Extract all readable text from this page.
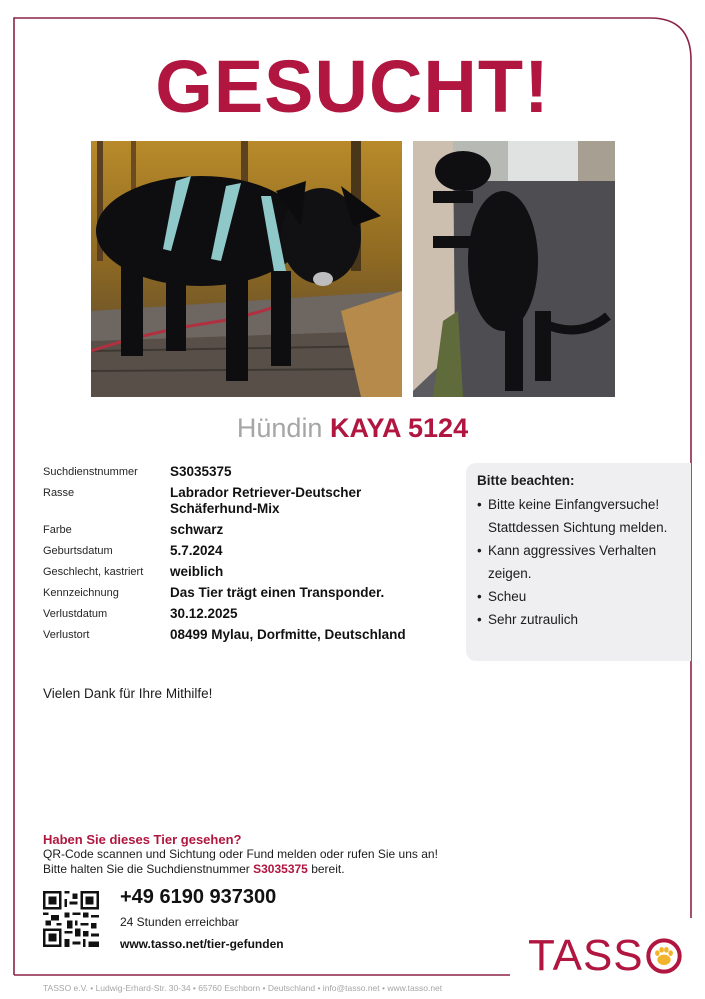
GESUCHT!
Hündin KAYA 5124
Suchdienstnummer	S3035375
Rasse	Labrador Retriever-Deutscher Schäferhund-Mix
Farbe	schwarz
Geburtsdatum	5.7.2024
Geschlecht, kastriert	weiblich
Kennzeichnung	Das Tier trägt einen Transponder.
Verlustdatum	30.12.2025
Verlustort	08499 Mylau, Dorfmitte, Deutschland
Bitte beachten:
• Bitte keine Einfangversuche! Stattdessen Sichtung melden.
• Kann aggressives Verhalten zeigen.
• Scheu
• Sehr zutraulich
Vielen Dank für Ihre Mithilfe!
Haben Sie dieses Tier gesehen?
QR-Code scannen und Sichtung oder Fund melden oder rufen Sie uns an!
Bitte halten Sie die Suchdienstnummer S3035375 bereit.
+49 6190 937300
24 Stunden erreichbar
www.tasso.net/tier-gefunden	TASS
TASSO e.V. • Ludwig-Erhard-Str. 30-34 • 65760 Eschborn • Deutschland • info@tasso.net • www.tasso.net
